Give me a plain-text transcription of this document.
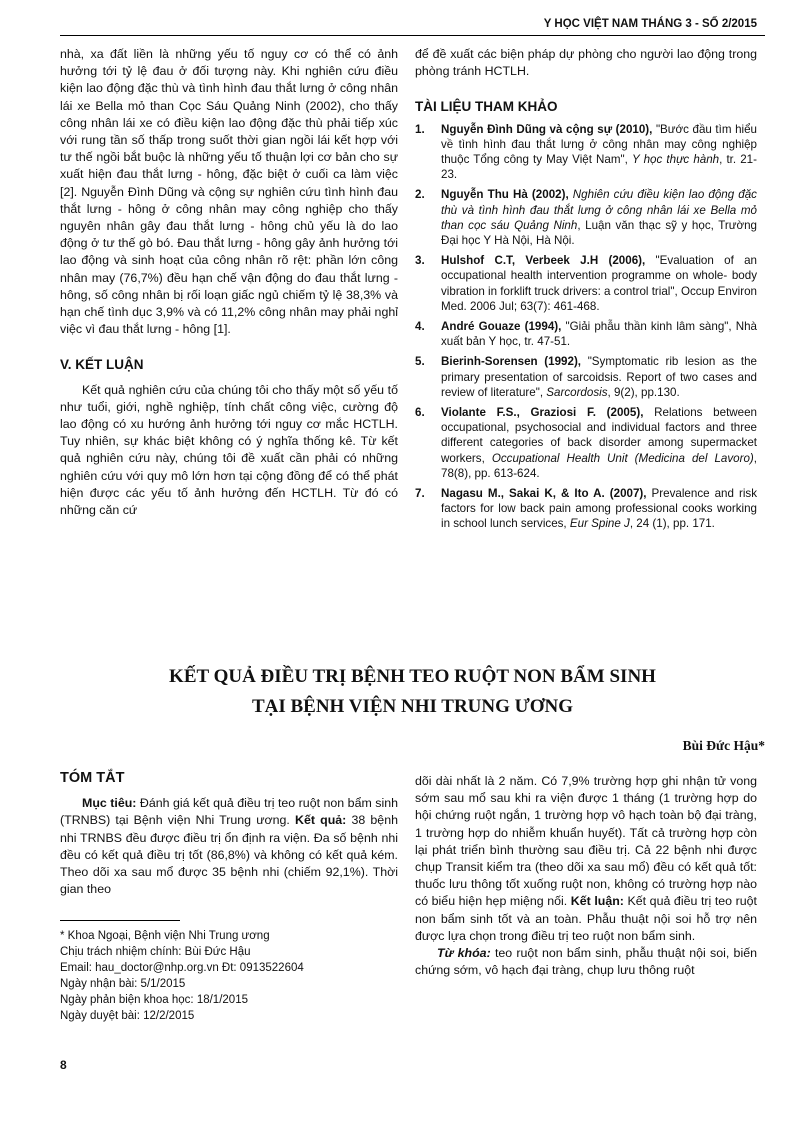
Y HỌC VIỆT NAM THÁNG 3 - SỐ 2/2015

nhà, xa đất liền là những yếu tố nguy cơ có thể có ảnh hưởng tới tỷ lệ đau ở đối tượng này. Khi nghiên cứu điều kiện lao động đặc thù và tình hình đau thắt lưng ở công nhân lái xe Bella mỏ than Cọc Sáu Quảng Ninh (2002), cho thấy công nhân lái xe có điều kiện lao động đặc thù phải tiếp xúc với rung tần số thấp trong suốt thời gian ngồi lái kết hợp với tư thế ngồi bắt buộc là những yếu tố thuận lợi cơ bản cho sự xuất hiện đau thắt lưng - hông, đặc biệt ở cuối ca làm việc [2]. Nguyễn Đình Dũng và cộng sự nghiên cứu tình hình đau thắt lưng - hông ở công nhân may công nghiệp cho thấy nguyên nhân gây đau thắt lưng - hông chủ yếu là do lao động ở tư thế gò bó. Đau thắt lưng - hông gây ảnh hưởng tới lao động và sinh hoạt của công nhân rõ rệt: phần lớn công nhân may (76,7%) đều hạn chế vận động do đau thắt lưng - hông, số công nhân bị rối loạn giấc ngủ chiếm tỷ lệ 38,3% và hạn chế tình dục 3,9% và có 11,2% công nhân may phải nghỉ việc vì đau thắt lưng - hông [1].

V. KẾT LUẬN

Kết quả nghiên cứu của chúng tôi cho thấy một số yếu tố như tuổi, giới, nghề nghiệp, tính chất công việc, cường độ lao động có xu hướng ảnh hưởng tới nguy cơ mắc HCTLH. Tuy nhiên, sự khác biệt không có ý nghĩa thống kê. Từ kết quả nghiên cứu này, chúng tôi đề xuất cần phải có những nghiên cứu với quy mô lớn hơn tại cộng đồng để có thể phát hiện được các yếu tố ảnh hưởng đến HCTLH. Từ đó có những căn cứ

để đề xuất các biện pháp dự phòng cho người lao động trong phòng tránh HCTLH.

TÀI LIỆU THAM KHẢO
1.	Nguyễn Đình Dũng và cộng sự (2010), "Bước đầu tìm hiểu về tình hình đau thắt lưng ở công nhân may công nghiệp thuộc Tổng công ty May Việt Nam", Y học thực hành, tr. 21-23.
2.	Nguyễn Thu Hà (2002), Nghiên cứu điều kiện lao động đặc thù và tình hình đau thắt lưng ở công nhân lái xe Bella mỏ than cọc sáu Quảng Ninh, Luận văn thạc sỹ y học, Trường Đại học Y Hà Nội, Hà Nội.
3.	Hulshof C.T, Verbeek J.H (2006), "Evaluation of an occupational health intervention programme on whole- body vibration in forklift truck drivers: a control trial", Occup Environ Med. 2006 Jul; 63(7): 461-468.
4.	André Gouaze (1994), "Giải phẫu thần kinh lâm sàng", Nhà xuất bản Y học, tr. 47-51.
5.	Bierinh-Sorensen (1992), "Symptomatic rib lesion as the primary presentation of sarcoidsis. Report of two cases and review of literature", Sarcordosis, 9(2), pp.130.
6.	Violante F.S., Graziosi F. (2005), Relations between occupational, psychosocial and individual factors and three different categories of back disorder among supermacket workers, Occupational Health Unit (Medicina del Lavoro), 78(8), pp. 613-624.
7.	Nagasu M., Sakai K, & Ito A. (2007), Prevalence and risk factors for low back pain among professional cooks working in school lunch services, Eur Spine J, 24 (1), pp. 171.
KẾT QUẢ ĐIỀU TRỊ BỆNH TEO RUỘT NON BẨM SINH
TẠI BỆNH VIỆN NHI TRUNG ƯƠNG
Bùi Đức Hậu*
TÓM TẮT

Mục tiêu: Đánh giá kết quả điều trị teo ruột non bẩm sinh (TRNBS) tại Bệnh viện Nhi Trung ương. Kết quả: 38 bệnh nhi TRNBS đều được điều trị ổn định ra viện. Đa số bệnh nhi đều có kết quả điều trị tốt (86,8%) và không có kết quả kém. Theo dõi xa sau mổ được 35 bệnh nhi (chiếm 92,1%). Thời gian theo

dõi dài nhất là 2 năm. Có 7,9% trường hợp ghi nhận tử vong sớm sau mổ sau khi ra viện được 1 tháng (1 trường hợp do hội chứng ruột ngắn, 1 trường hợp vô hạch toàn bộ đại tràng, 1 trường hợp do nhiễm khuẩn huyết). Tất cả trường hợp còn lại phát triển bình thường sau điều trị. Cả 22 bệnh nhi được chụp Transit kiểm tra (theo dõi xa sau mổ) đều có kết quả tốt: thuốc lưu thông tốt xuống ruột non, không có trường hợp nào có biểu hiện hẹp miệng nối. Kết luận: Kết quả điều trị teo ruột non bẩm sinh tốt và an toàn. Phẫu thuật nội soi hỗ trợ nên được lựa chọn trong điều trị teo ruột non bẩm sinh.

Từ khóa: teo ruột non bẩm sinh, phẫu thuật nội soi, biến chứng sớm, vô hạch đại tràng, chụp lưu thông ruột

* Khoa Ngoại, Bệnh viện Nhi Trung ương

Chịu trách nhiệm chính: Bùi Đức Hậu

Email: hau_doctor@nhp.org.vn Đt: 0913522604

Ngày nhận bài: 5/1/2015

Ngày phản biện khoa học: 18/1/2015

Ngày duyệt bài: 12/2/2015

8
